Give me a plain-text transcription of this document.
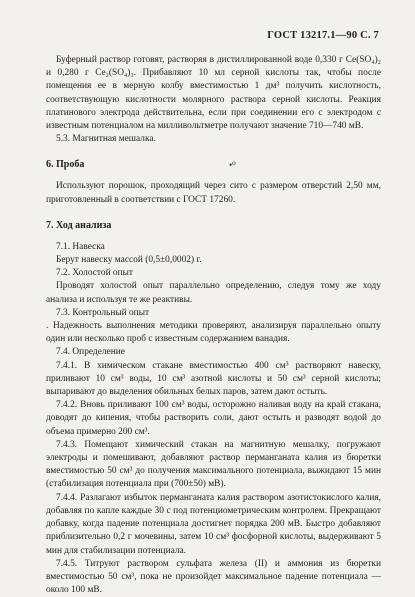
ГОСТ 13217.1—90 С. 7
•⁰

Буферный раствор готовят, растворяя в дистиллированной воде 0,330 г Ce(SO₄)₂ и 0,280 г Ce₂(SO₄)₃. Прибавляют 10 мл серной кислоты так, чтобы после помещения ее в мерную колбу вместимостью 1 дм³ получить кислотность, соответствующую кислотности молярного раствора серной кислоты. Реакция платинового электрода действительна, если при соединении его с электродом с известным потенциалом на милливольтметре получают значение 710—740 мВ.

5.3. Магнитная мешалка.

6. Проба

Используют порошок, проходящий через сито с размером отверстий 2,50 мм, приготовленный в соответствии с ГОСТ 17260.

7. Ход анализа
7.1. Навеска

Берут навеску массой (0,5±0,0002) г.

7.2. Холостой опыт

Проводят холостой опыт параллельно определению, следуя тому же ходу анализа и используя те же реактивы.

7.3. Контрольный опыт

. Надежность выполнения методики проверяют, анализируя параллельно опыту один или несколько проб с известным содержанием ванадия.

7.4. Определение

7.4.1. В химическом стакане вместимостью 400 см³ растворяют навеску, приливают 10 см³ воды, 10 см³ азотной кислоты и 50 см³ серной кислоты; выпаривают до выделения обильных белых паров, затем дают остыть.

7.4.2. Вновь приливают 100 см³ воды, осторожно наливая воду на край стакана, доводят до кипения, чтобы растворить соли, дают остыть и разводят водой до объема примерно 200 см³.

7.4.3. Помещают химический стакан на магнитную мешалку, погружают электроды и помешивают, добавляют раствор перманганата калия из бюретки вместимостью 50 см³ до получения максимального потенциала, выжидают 15 мин (стабилизация потенциала при (700±50) мВ).

7.4.4. Разлагают избыток перманганата калия раствором азотистокислого калия, добавляя по капле каждые 30 с под потенциометрическим контролем. Прекращают добавку, когда падение потенциала достигнет порядка 200 мВ. Быстро добавляют приблизительно 0,2 г мочевины, затем 10 см³ фосфорной кислоты, выдерживают 5 мин для стабилизации потенциала.

7.4.5. Титруют раствором сульфата железа (II) и аммония из бюретки вместимостью 50 см³, пока не произойдет максимальное падение потенциала — около 100 мВ.
